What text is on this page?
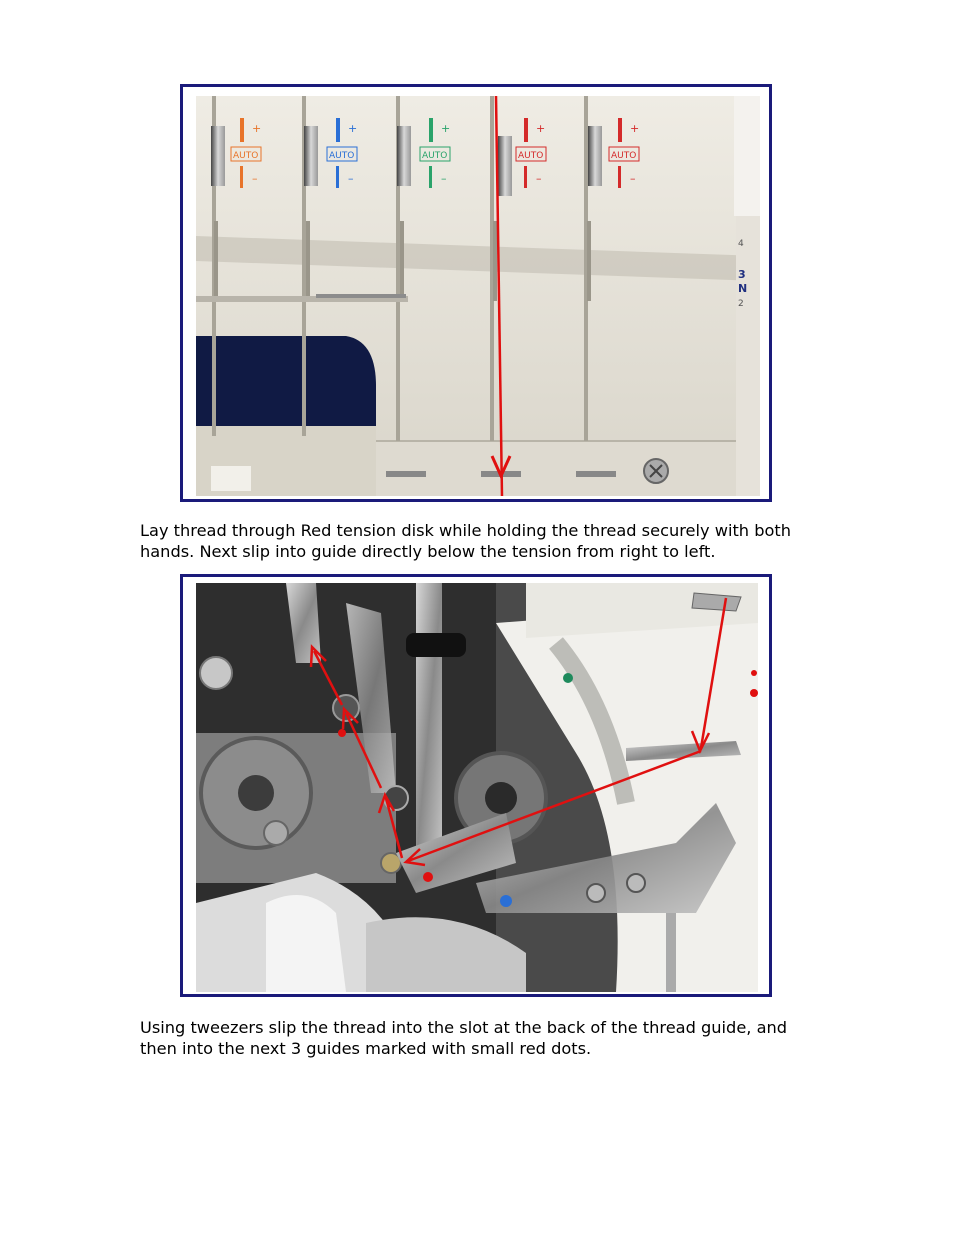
4
3
N
2
+
AUTO
–
+
AUTO
–
+
AUTO
–
+
AUTO
–
+
AUTO
–
Lay thread through Red tension disk while holding the thread securely with both
hands. Next slip into guide directly below the tension from right to left.
Using tweezers slip the thread into the slot at the back of the thread guide, and
then into the next 3 guides marked with small red dots.
